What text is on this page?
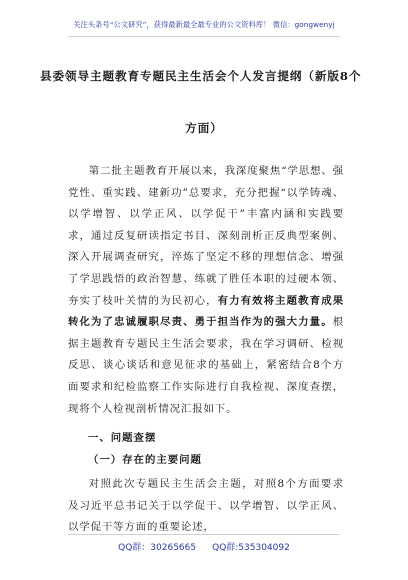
关注头条号“公文研究”，获得最新最全最专业的公文资料库！ 微信：gongwenyj
县委领导主题教育专题民主生活会个人发言提纲（新版8个
方面）

第二批主题教育开展以来，我深度聚焦“学思想、强党性、重实践、建新功”总要求，充分把握“以学铸魂、以学增智、以学正风、以学促干”丰富内涵和实践要求，通过反复研读指定书目、深刻剖析正反典型案例、深入开展调查研究，淬炼了坚定不移的理想信念、增强了学思践悟的政治智慧、练就了胜任本职的过硬本领、夯实了枝叶关情的为民初心，有力有效将主题教育成果转化为了忠诚履职尽责、勇于担当作为的强大力量。根据主题教育专题民主生活会要求，我在学习调研、检视反思、谈心谈话和意见征求的基础上，紧密结合8个方面要求和纪检监察工作实际进行自我检视、深度查摆，现将个人检视剖析情况汇报如下。

一、问题查摆
（一）存在的主要问题

对照此次专题民主生活会主题，对照8个方面要求及习近平总书记关于以学促干、以学增智、以学正风、以学促干等方面的重要论述，

QQ群：30265665 QQ群:535304092
